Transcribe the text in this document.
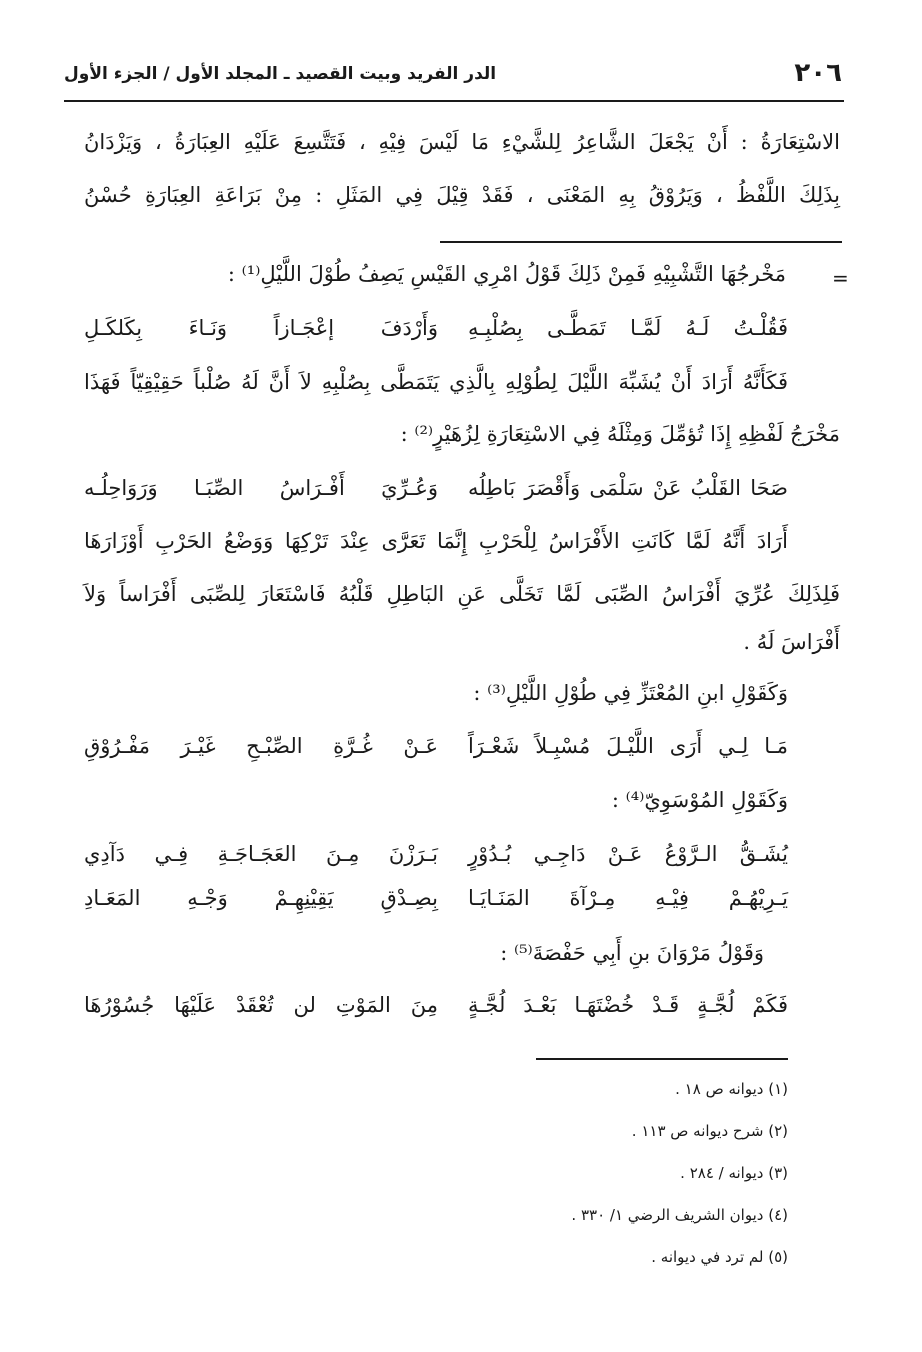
٢٠٦
الدر الفريد وبيت القصيد ـ المجلد الأول / الجزء الأول
الاسْتِعَارَةُ : أَنْ يَجْعَلَ الشَّاعِرُ لِلشَّيْءِ مَا لَيْسَ فِيْهِ ، فَتَتَّسِعَ عَلَيْهِ العِبَارَةُ ، وَيَزْدَانُ
بِذَلِكَ اللَّفْظُ ، وَيَرُوْقُ بِهِ المَعْنَى ، فَقَدْ قِيْلَ فِي المَثَلِ : مِنْ بَرَاعَةِ العِبَارَةِ حُسْنُ
=
مَخْرجُهَا التَّشْبِيْهِ فَمِنْ ذَلِكَ قَوْلُ امْرِي القَيْسِ يَصِفُ طُوْلَ اللَّيْلِ⁽¹⁾ :
فَقُلْـتُ لَـهُ لَمَّـا تَمَطَّـى بِصُلْبِـهِ
وَأَرْدَفَ إعْجَـازاً وَنَـاءَ بِكَلكَـلِ
فَكَأَنَّهُ أَرَادَ أَنْ يُشَبِّهَ اللَّيْلَ لِطُوْلِهِ بِالَّذِي يَتَمَطَّى بِصُلْبِهِ لاَ أَنَّ لَهُ صُلْباً حَقِيْقِيّاً فَهَذَا
مَخْرَجُ لَفْظِهِ إِذَا تُؤمِّلَ وَمِثْلَهُ فِي الاسْتِعَارَةِ لِزُهَيْرٍ⁽²⁾ :
صَحَا القَلْبُ عَنْ سَلْمَى وَأَقْصَرَ بَاطِلُه
وَعُـرِّيَ أَفْـرَاسُ الصِّبَـا وَرَوَاحِلُـه
أَرَادَ أَنَّهُ لَمَّا كَانَتِ الأَفْرَاسُ لِلْحَرْبِ إِنَّمَا تَعَرَّى عِنْدَ تَرْكِهَا وَوَضْعُ الحَرْبِ أَوْزَارَهَا
فَلِذَلِكَ عُرِّيَ أَفْرَاسُ الصِّبَى لَمَّا تَخَلَّى عَنِ البَاطِلِ قَلْبُهُ فَاسْتَعَارَ لِلصِّبَى أَفْرَاساً وَلاَ
أَفْرَاسَ لَهُ .
وَكَقَوْلِ ابنِ المُعْتَزِّ فِي طُوْلِ اللَّيْلِ⁽³⁾ :
مَـا لِـي أَرَى اللَّيْـلَ مُسْبِـلاً شَعْـرَاً
عَـنْ غُـرَّةِ الصِّبْـحِ غَيْـرَ مَفْـرُوْقِ
وَكَقَوْلِ المُوْسَوِيّ⁽⁴⁾ :
يُشَـقُّ الـرَّوْعُ عَـنْ دَاجِـي بُـدُوْرٍ
بَـرَزْنَ مِـنَ العَجَـاجَـةِ فِـي دَآدِي
يَـرِيْهُـمْ فِيْـهِ مِـرْآةَ المَنَـايَـا
بِصِـدْقِ يَقِيْنِهِـمْ وَجْـهِ المَعَـادِ
وَقَوْلُ مَرْوَانَ بنِ أَبِي حَفْصَةَ⁽⁵⁾ :
فَكَمْ لُجَّـةٍ قَـدْ خُضْتَهَـا بَعْـدَ لُجَّـةٍ
مِنَ المَوْتِ لن تُعْقَدْ عَلَيْهَا جُسُوْرُهَا
(١) ديوانه ص ١٨ .
(٢) شرح ديوانه ص ١١٣ .
(٣) ديوانه / ٢٨٤ .
(٤) ديوان الشريف الرضي ١/ ٣٣٠ .
(٥) لم ترد في ديوانه .
